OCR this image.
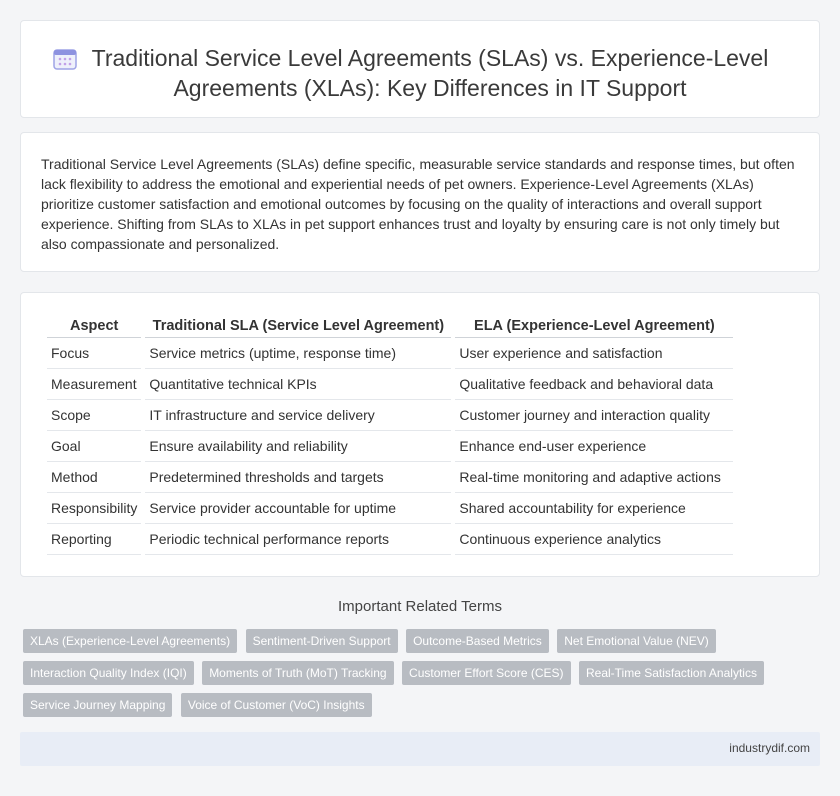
Traditional Service Level Agreements (SLAs) vs. Experience-Level Agreements (XLAs): Key Differences in IT Support

Traditional Service Level Agreements (SLAs) define specific, measurable service standards and response times, but often lack flexibility to address the emotional and experiential needs of pet owners. Experience-Level Agreements (XLAs) prioritize customer satisfaction and emotional outcomes by focusing on the quality of interactions and overall support experience. Shifting from SLAs to XLAs in pet support enhances trust and loyalty by ensuring care is not only timely but also compassionate and personalized.

Aspect	Traditional SLA (Service Level Agreement)	ELA (Experience-Level Agreement)
Focus	Service metrics (uptime, response time)	User experience and satisfaction
Measurement	Quantitative technical KPIs	Qualitative feedback and behavioral data
Scope	IT infrastructure and service delivery	Customer journey and interaction quality
Goal	Ensure availability and reliability	Enhance end-user experience
Method	Predetermined thresholds and targets	Real-time monitoring and adaptive actions
Responsibility	Service provider accountable for uptime	Shared accountability for experience
Reporting	Periodic technical performance reports	Continuous experience analytics
Important Related Terms
XLAs (Experience-Level Agreements) Sentiment-Driven Support Outcome-Based Metrics Net Emotional Value (NEV) Interaction Quality Index (IQI) Moments of Truth (MoT) Tracking Customer Effort Score (CES) Real-Time Satisfaction Analytics Service Journey Mapping Voice of Customer (VoC) Insights
industrydif.com
